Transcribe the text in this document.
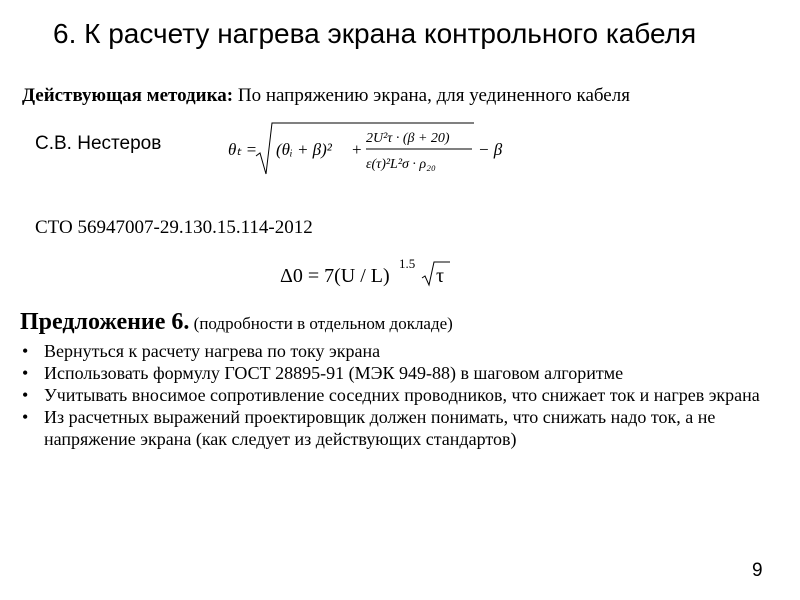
6. К расчету нагрева экрана контрольного кабеля
Действующая методика: По напряжению экрана, для уединенного кабеля
С.В. Нестеров	θₜ = (θᵢ + β)² +
2U²τ · (β + 20)
ε(τ)²L²σ · ρ₂₀
− β
СТО 56947007-29.130.15.114-2012
Δ0 = 7(U / L)
1.5
τ
Предложение 6. (подробности в отдельном докладе)
• Вернуться к расчету нагрева по току экрана
• Использовать формулу ГОСТ 28895-91 (МЭК 949-88) в шаговом алгоритме
• Учитывать вносимое сопротивление соседних проводников, что снижает ток и нагрев экрана
• Из расчетных выражений проектировщик должен понимать, что снижать надо ток, а не напряжение экрана (как следует из действующих стандартов)
9
